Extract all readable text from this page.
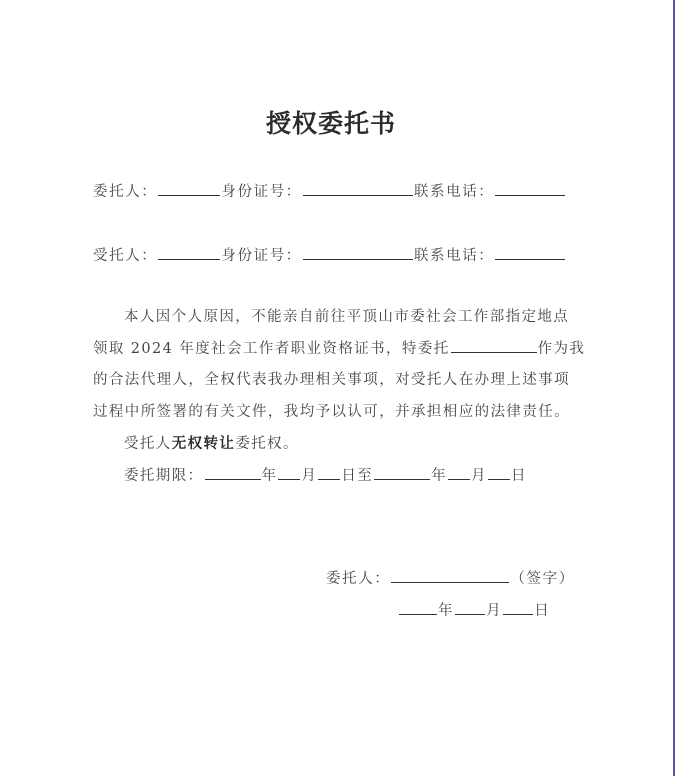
授权委托书
委托人：	身份证号：	联系电话：
受托人：	身份证号：	联系电话：

本人因个人原因，不能亲自前往平顶山市委社会工作部指定地点

领取 2024 年度社会工作者职业资格证书，特委托	作为我

的合法代理人，全权代表我办理相关事项，对受托人在办理上述事项

过程中所签署的有关文件，我均予以认可，并承担相应的法律责任。

受托人无权转让委托权。

委托期限：	年 月 日至	年 月 日

委托人：	（签字）
年 月 日
